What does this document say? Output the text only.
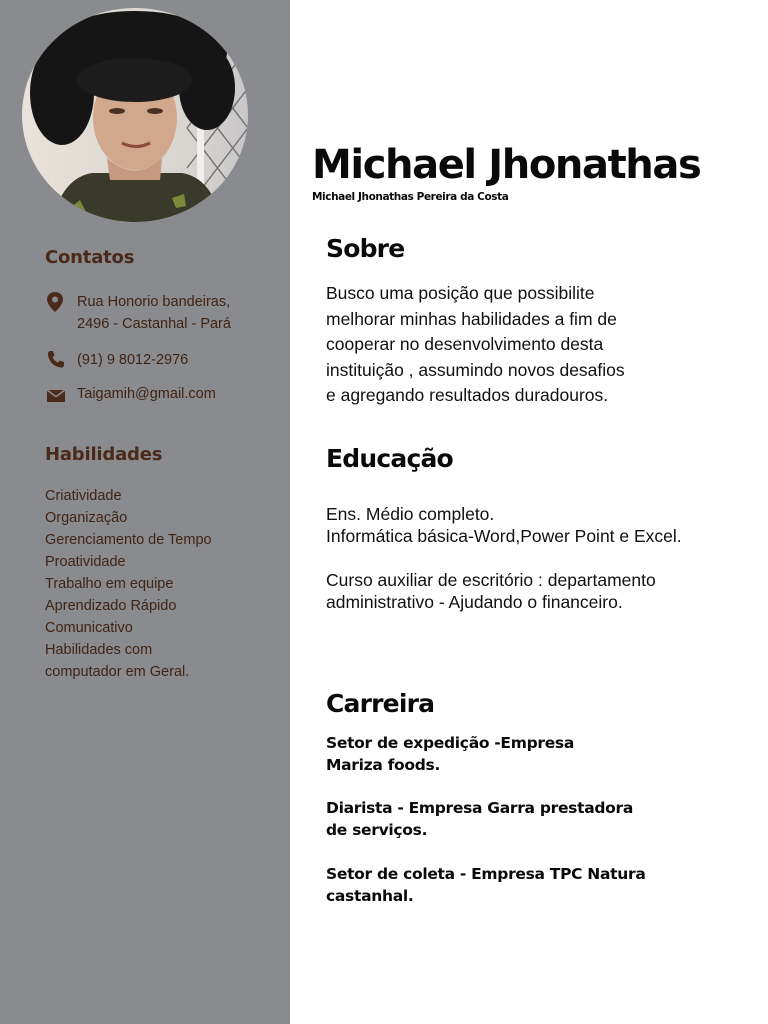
Contatos
Rua Honorio bandeiras,
2496 - Castanhal - Pará
(91) 9 8012-2976
Taigamih@gmail.com
Habilidades
Criatividade
Organização
Gerenciamento de Tempo
Proatividade
Trabalho em equipe
Aprendizado Rápido
Comunicativo
Habilidades com
computador em Geral.
Michael Jhonathas
Michael Jhonathas Pereira da Costa
Sobre
Busco uma posição que possibilite
melhorar minhas habilidades a fim de
cooperar no desenvolvimento desta
instituição , assumindo novos desafios
e agregando resultados duradouros.
Educação
Ens. Médio completo.
Informática básica-Word,Power Point e Excel.
Curso auxiliar de escritório : departamento
administrativo - Ajudando o financeiro.
Carreira
Setor de expedição -Empresa
Mariza foods.
Diarista - Empresa Garra prestadora
de serviços.
Setor de coleta - Empresa TPC Natura
castanhal.
